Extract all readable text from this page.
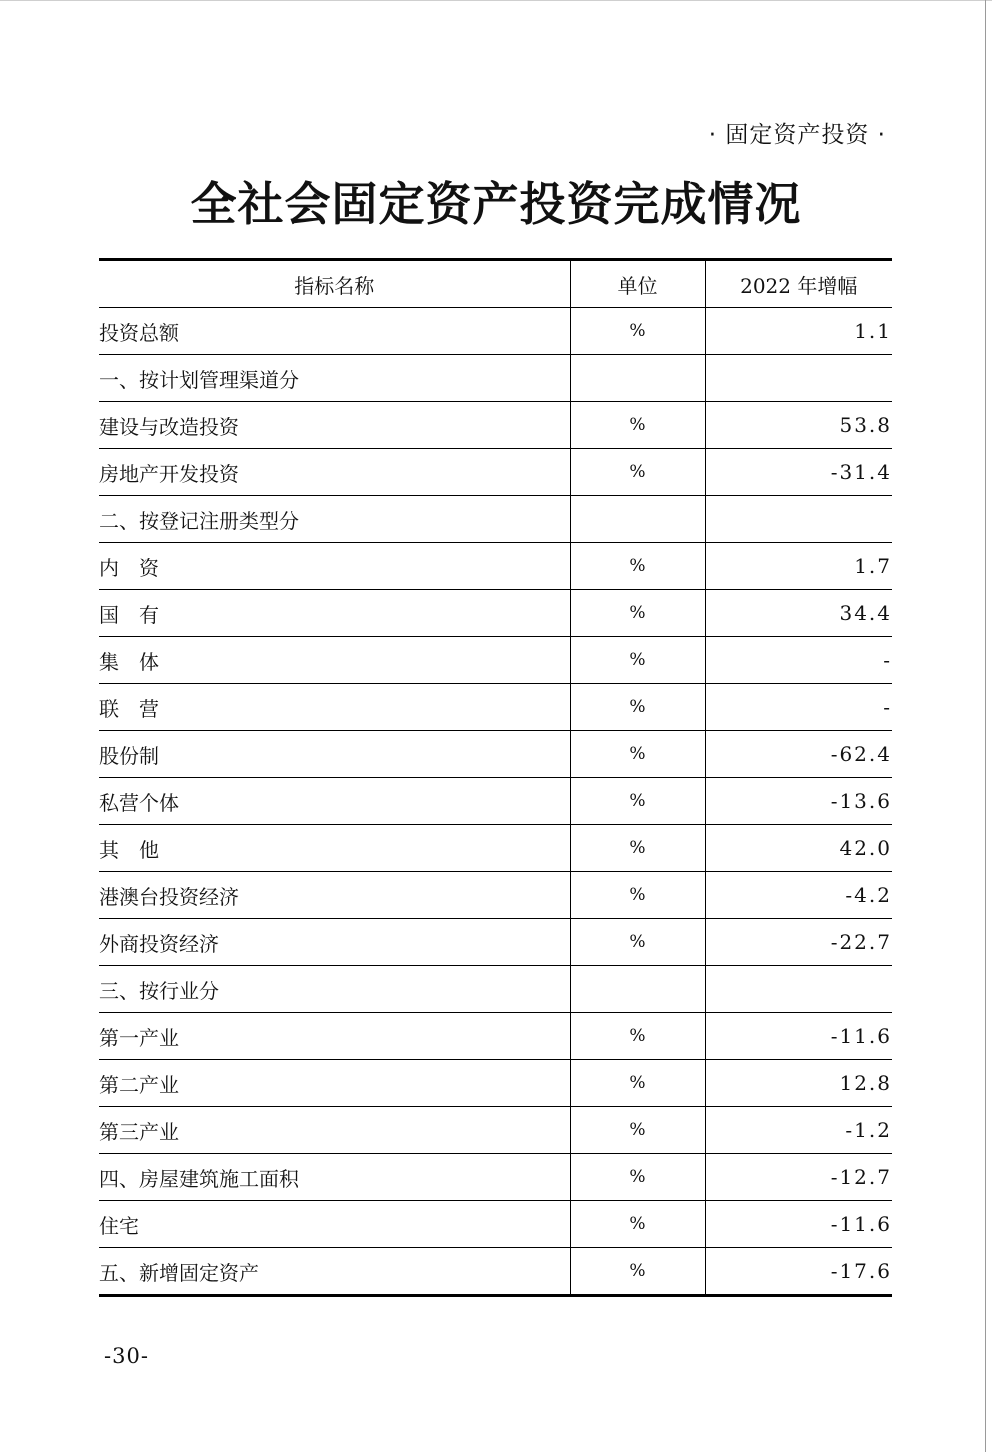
· 固定资产投资 ·
全社会固定资产投资完成情况
指标名称	单位	2022 年增幅
投资总额	%	1.1
一、按计划管理渠道分		
建设与改造投资	%	53.8
房地产开发投资	%	-31.4
二、按登记注册类型分		
内　资	%	1.7
国　有	%	34.4
集　体	%	-
联　营	%	-
股份制	%	-62.4
私营个体	%	-13.6
其　他	%	42.0
港澳台投资经济	%	-4.2
外商投资经济	%	-22.7
三、按行业分		
第一产业	%	-11.6
第二产业	%	12.8
第三产业	%	-1.2
四、房屋建筑施工面积	%	-12.7
住宅	%	-11.6
五、新增固定资产	%	-17.6
-30-
